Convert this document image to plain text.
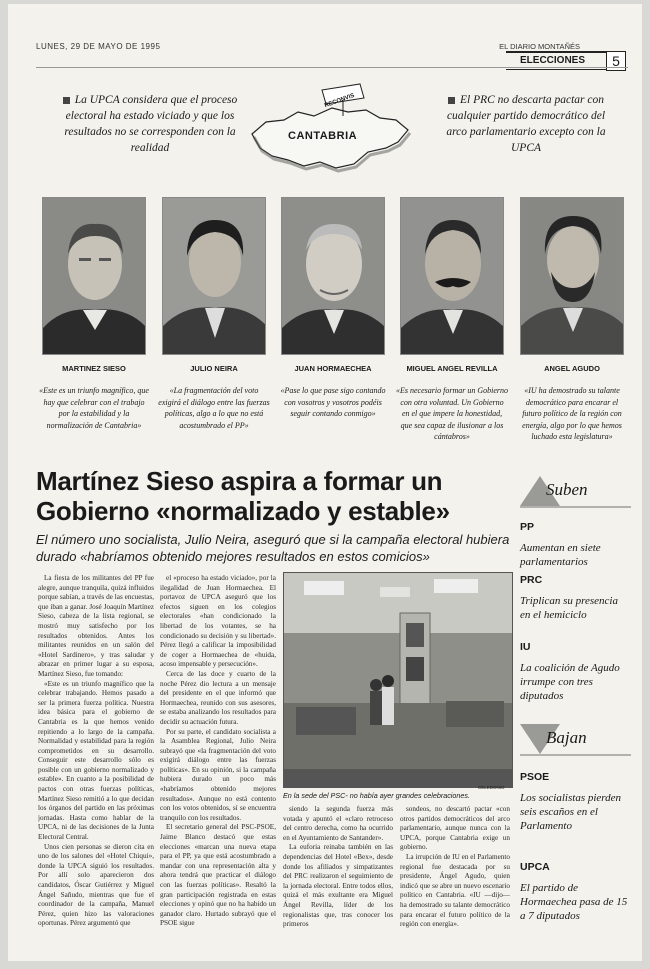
LUNES, 29 DE MAYO DE 1995	EL DIARIO MONTAÑÉS
ELECCIONES	5
La UPCA considera que el proceso electoral ha estado viciado y que los resultados no se corresponden con la realidad
El PRC no descarta pactar con cualquier partido democrático del arco parlamentario excepto con la UPCA
RECONVIS
CANTABRIA
MARTINEZ SIESO	JULIO NEIRA	JUAN HORMAECHEA	MIGUEL ANGEL REVILLA	ANGEL AGUDO
«Este es un triunfo magnífico, que hay que celebrar con el trabajo por la estabilidad y la normalización de Cantabria»
«La fragmentación del voto exigirá el diálogo entre las fuerzas políticas, algo a lo que no está acostumbrado el PP»
«Pase lo que pase sigo contando con vosotros y vosotros podéis seguir contando conmigo»
«Es necesario formar un Gobierno con otra voluntad. Un Gobierno en el que impere la honestidad, que sea capaz de ilusionar a los cántabros»
«IU ha demostrado su talante democrático para encarar el futuro político de la región con energía, algo por lo que hemos luchado esta legislatura»
Martínez Sieso aspira a formar un Gobierno «normalizado y estable»
El número uno socialista, Julio Neira, aseguró que si la campaña electoral hubiera durado «habríamos obtenido mejores resultados en estos comicios»

La fiesta de los militantes del PP fue alegre, aunque tranquila, quizá influidos porque sabían, a través de las encuestas, que iban a ganar. José Joaquín Martínez Sieso, cabeza de la lista regional, se mostró muy satisfecho por los resultados obtenidos. Antes los militantes reunidos en un salón del «Hotel Sardinero», y tras saludar y abrazar en primer lugar a su esposa, Martínez Sieso, fue tomando:

«Este es un triunfo magnífico que la celebrar trabajando. Hemos pasado a ser la primera fuerza política. Nuestra idea básica para el gobierno de Cantabria es la que hemos venido repitiendo a lo largo de la campaña. Normalidad y estabilidad para la región comprometidos en su desarrollo. Conseguir este desarrollo sólo es posible con un gobierno normalizado y estable». En cuanto a la posibilidad de pactos con otras fuerzas políticas, Martínez Sieso remitió a lo que decidan los órganos del partido en las próximas jornadas. Hasta como hablar de la UPCA, ni de las decisiones de la Junta Electoral Central.

Unos cien personas se dieron cita en uno de los salones del «Hotel Chiqui», donde la UPCA siguió los resultados. Por allí solo aparecieron dos candidatos, Óscar Gutiérrez y Miguel Ángel Sañudo, mientras que fue el coordinador de la campaña, Manuel Pérez, quien hizo las valoraciones oportunas. Pérez argumentó que

el «proceso ha estado viciado», por la ilegalidad de Juan Hormaechea. El portavoz de UPCA aseguró que los efectos siguen en los colegios electorales «han condicionado la libertad de los votantes, se ha condicionado su decisión y su libertad». Pérez llegó a calificar la imposibilidad de coger a Hormaechea de «huida, acoso impensable y persecución».

Cerca de las doce y cuarto de la noche Pérez dio lectura a un mensaje del presidente en el que informó que Hormaechea, reunido con sus asesores, se estaba analizando los resultados para decidir su actuación futura.

Por su parte, el candidato socialista a la Asamblea Regional, Julio Neira subrayó que «la fragmentación del voto exigirá diálogo entre las fuerzas políticas». En su opinión, si la campaña hubiera durado un poco más «habríamos obtenido mejores resultados». Aunque no está contento con los votos obtenidos, sí se encuentra tranquilo con los resultados.

El secretario general del PSC-PSOE, Jaime Blanco destacó que estas elecciones «marcan una nueva etapa para el PP, ya que está acostumbrado a mandar con una representación alta y ahora tendrá que practicar el diálogo con las fuerzas políticas». Resaltó la gran participación registrada en estas elecciones y opinó que no ha habido un ganador claro. Hurtado subrayó que el PSOE sigue

CELEDONIO
En la sede del PSC- no había ayer grandes celebraciones.

siendo la segunda fuerza más votada y apuntó el «claro retroceso del centro derecha, como ha ocurrido en el Ayuntamiento de Santander».

La euforia reinaba también en las dependencias del Hotel «Bex», desde donde los afiliados y simpatizantes del PRC realizaron el seguimiento de la jornada electoral. Entre todos ellos, quizá el más exultante era Miguel Ángel Revilla, líder de los regionalistas que, tras conocer los primeros

sondeos, no descartó pactar «con otros partidos democráticos del arco parlamentario, aunque nunca con la UPCA, porque Cantabria exige un gobierno.

La irrupción de IU en el Parlamento regional fue destacada por su presidente, Ángel Agudo, quien indicó que se abre un nuevo escenario político en Cantabria. «IU —dijo— ha demostrado su talante democrático para encarar el futuro político de la región con energía».

Suben
PP
Aumentan en siete parlamentarios
PRC
Triplican su presencia en el hemiciclo
IU
La coalición de Agudo irrumpe con tres diputados
Bajan
PSOE
Los socialistas pierden seis escaños en el Parlamento
UPCA
El partido de Hormaechea pasa de 15 a 7 diputados
